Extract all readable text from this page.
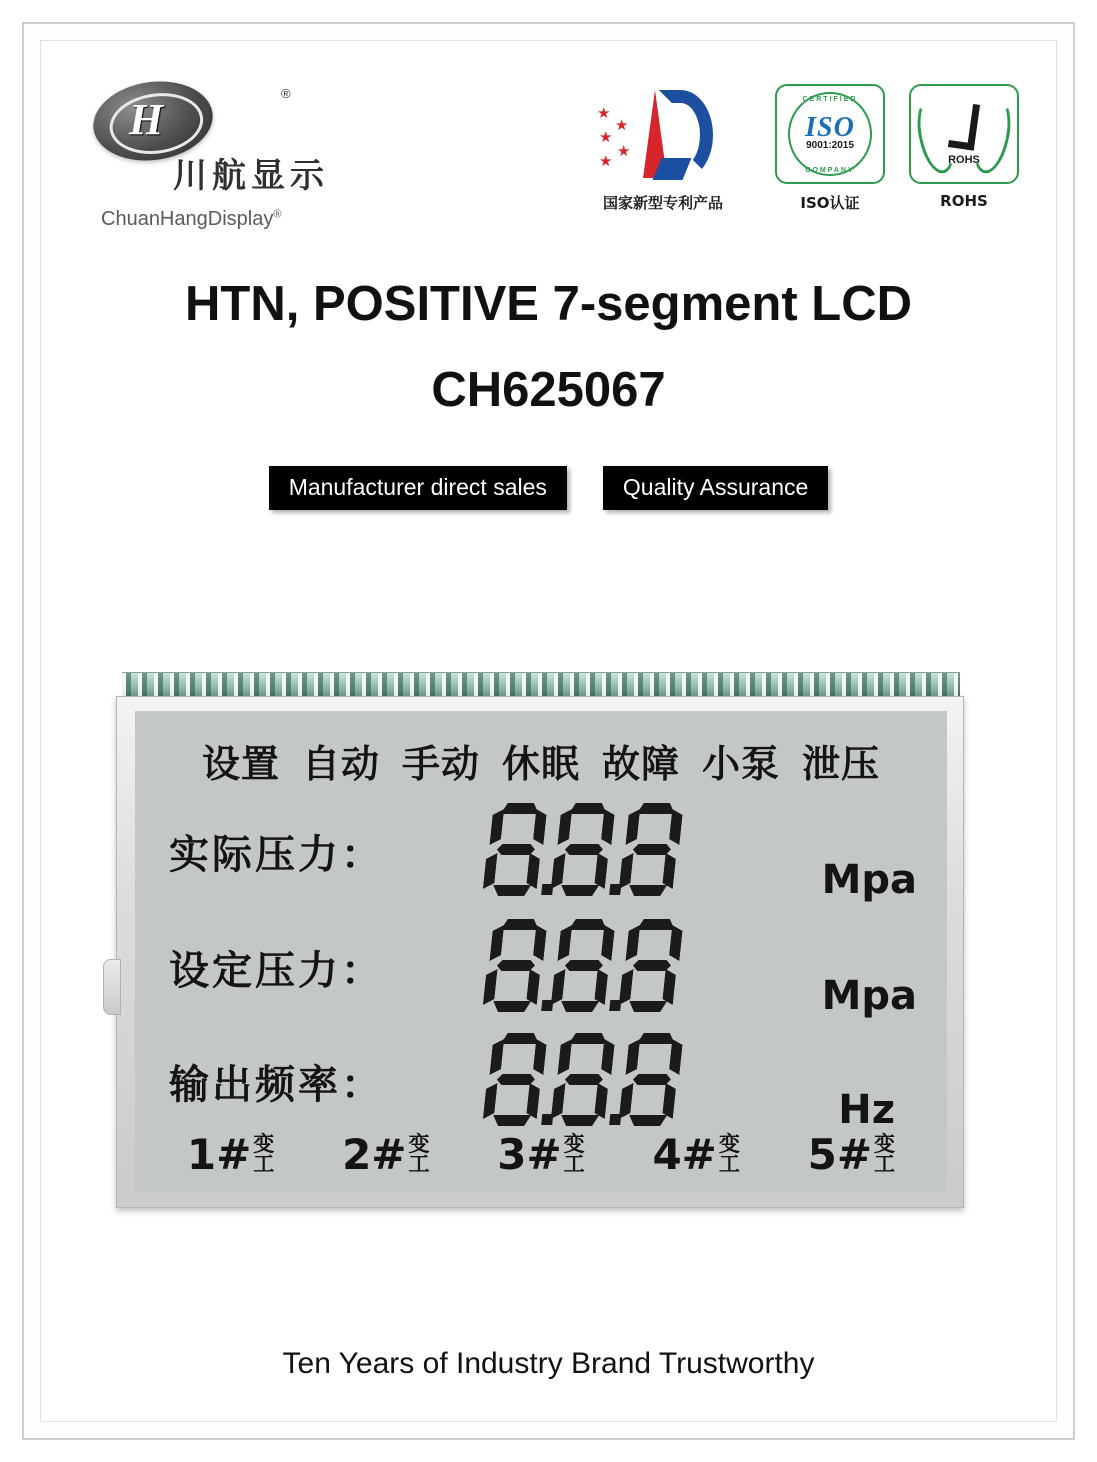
H
®
川航显示
ChuanHangDisplay®
★
★
★
★
★
国家新型专利产品
CERTIFIED
ISO
9001:2015
COMPANY
ISO认证
ROHS
ROHS
HTN, POSITIVE 7-segment LCD
CH625067
Manufacturer direct sales	Quality Assurance
设置 自动 手动 休眠 故障 小泵 泄压
实际压力：
Mpa
设定压力：
Mpa
输出频率：
Hz
1# 变
工 2# 变
工 3# 变
工 4# 变
工 5# 变
工
Ten Years of Industry Brand Trustworthy
